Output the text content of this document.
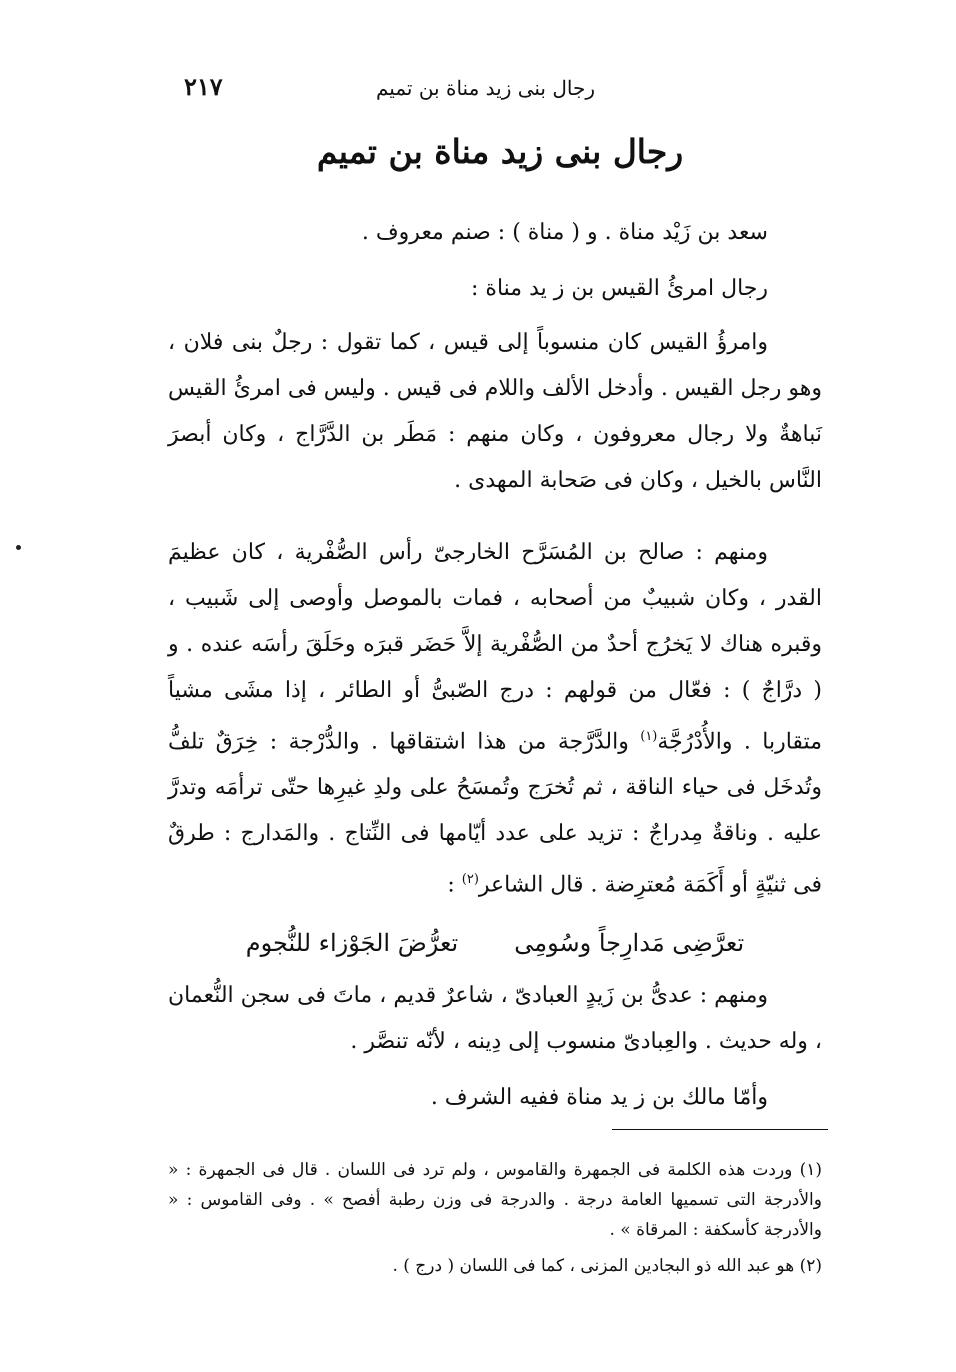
٢١٧	رجال بنى زيد مناة بن تميم
رجال بنى زيد مناة بن تميم

سعد بن زَيْد مناة . و ( مناة ) : صنم معروف .

رجال امرئُ القيس بن ز يد مناة :

وامرؤُ القيس كان منسوباً إلى قيس ، كما تقول : رجلٌ بنى فلان ، وهو رجل القيس . وأدخل الألف واللام فى قيس . وليس فى امرئُ القيس نَباهةٌ ولا رجال معروفون ، وكان منهم : مَطَر بن الدَّرَّاج ، وكان أبصرَ النَّاس بالخيل ، وكان فى صَحابة المهدى .

ومنهم : صالح بن المُسَرَّح الخارجىّ رأس الصُّفْرية ، كان عظيمَ القدر ، وكان شبيبٌ من أصحابه ، فمات بالموصل وأوصى إلى شَبيب ، وقبره هناك لا يَخرُج أحدٌ من الصُّفْرية إلاَّ حَضَر قبرَه وحَلَقَ رأسَه عنده . و ( درَّاجٌ ) : فعّال من قولهم : درج الصّبىُّ أو الطائر ، إذا مشَى مشياً متقاربا . والأُدْرُجَّة$^{(١)}$ والدَّرَّجة من هذا اشتقاقها . والدُّرْجة : خِرَقٌ تلفُّ وتُدخَل فى حياء الناقة ، ثم تُخرَج وتُمسَحُ على ولدِ غيرِها حتّى ترأمَه وتدرَّ عليه . وناقةٌ مِدراجٌ : تزيد على عدد أيّامها فى النِّتاج . والمَدارج : طرقٌ فى ثنيّةٍ أو أَكَمَة مُعترِضة . قال الشاعر$^{(٢)}$ :

تعرَّضِى مَدارِجاً وسُومِى
تعرُّضَ الجَوْزاء للنُّجوم

ومنهم : عدىُّ بن زَيدٍ العبادىّ ، شاعرٌ قديم ، ماتَ فى سجن النُّعمان ، وله حديث . والعِبادىّ منسوب إلى دِينه ، لأنّه تنصَّر .

وأمّا مالك بن ز يد مناة ففيه الشرف .

(١) وردت هذه الكلمة فى الجمهرة والقاموس ، ولم ترد فى اللسان . قال فى الجمهرة : « والأدرجة التى تسميها العامة درجة . والدرجة فى وزن رطبة أفصح » . وفى القاموس : « والأدرجة كأسكفة : المرقاة » .

(٢) هو عبد الله ذو البجادين المزنى ، كما فى اللسان ( درج ) .
